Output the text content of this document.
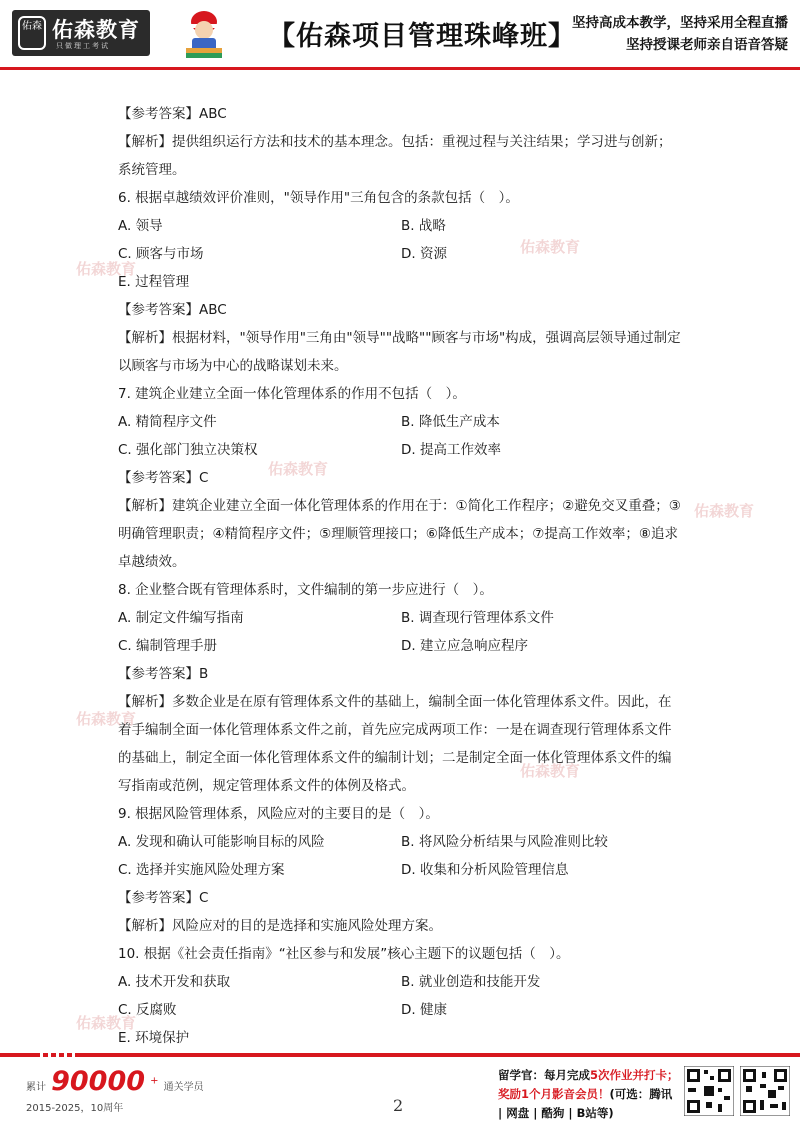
佑森 佑森教育
只做理工考试	【佑森项目管理珠峰班】
坚持高成本教学，坚持采用全程直播
坚持授课老师亲自语音答疑
佑森教育
佑森教育
佑森教育
佑森教育
佑森教育
佑森教育
佑森教育

【参考答案】ABC

【解析】提供组织运行方法和技术的基本理念。包括：重视过程与关注结果；学习进与创新；系统管理。

6. 根据卓越绩效评价准则，"领导作用"三角包含的条款包括（　）。

A. 领导	B. 战略
C. 顾客与市场	D. 资源
E. 过程管理

【参考答案】ABC

【解析】根据材料，"领导作用"三角由"领导""战略""顾客与市场"构成，强调高层领导通过制定以顾客与市场为中心的战略谋划未来。

7. 建筑企业建立全面一体化管理体系的作用不包括（　）。

A. 精简程序文件	B. 降低生产成本
C. 强化部门独立决策权	D. 提高工作效率

【参考答案】C

【解析】建筑企业建立全面一体化管理体系的作用在于：①简化工作程序；②避免交叉重叠；③明确管理职责；④精简程序文件；⑤理顺管理接口；⑥降低生产成本；⑦提高工作效率；⑧追求卓越绩效。

8. 企业整合既有管理体系时，文件编制的第一步应进行（　）。

A. 制定文件编写指南	B. 调查现行管理体系文件
C. 编制管理手册	D. 建立应急响应程序

【参考答案】B

【解析】多数企业是在原有管理体系文件的基础上，编制全面一体化管理体系文件。因此，在着手编制全面一体化管理体系文件之前，首先应完成两项工作：一是在调查现行管理体系文件的基础上，制定全面一体化管理体系文件的编制计划；二是制定全面一体化管理体系文件的编写指南或范例，规定管理体系文件的体例及格式。

9. 根据风险管理体系，风险应对的主要目的是（　）。

A. 发现和确认可能影响目标的风险	B. 将风险分析结果与风险准则比较
C. 选择并实施风险处理方案	D. 收集和分析风险管理信息

【参考答案】C

【解析】风险应对的目的是选择和实施风险处理方案。

10. 根据《社会责任指南》“社区参与和发展”核心主题下的议题包括（　）。

A. 技术开发和获取	B. 就业创造和技能开发
C. 反腐败	D. 健康
E. 环境保护
累计 90000 + 通关学员
2015-2025，10周年	2
留学官：每月完成5次作业并打卡；
奖励1个月影音会员！(可选：腾讯 | 网盘 | 酷狗 | B站等)
